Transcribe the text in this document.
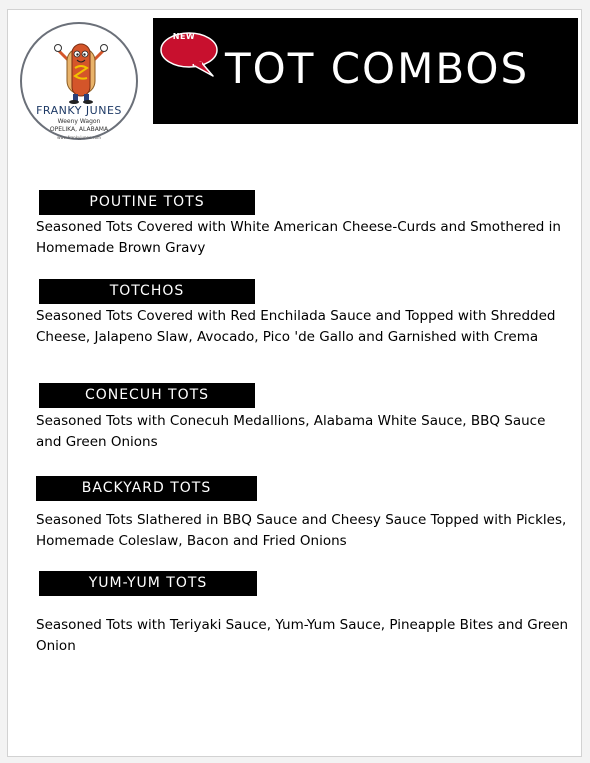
FRANKY JUNES
Weeny Wagon
OPELIKA, ALABAMA
www.frankyjunes.com
NEW
TOT COMBOS
POUTINE TOTS
Seasoned Tots Covered with White American Cheese-Curds and Smothered in Homemade Brown Gravy
TOTCHOS
Seasoned Tots Covered with Red Enchilada Sauce and Topped with Shredded Cheese, Jalapeno Slaw, Avocado, Pico 'de Gallo and Garnished with Crema
CONECUH TOTS
Seasoned Tots with Conecuh Medallions, Alabama White Sauce, BBQ Sauce and Green Onions
BACKYARD TOTS
Seasoned Tots Slathered in BBQ Sauce and Cheesy Sauce Topped with Pickles, Homemade Coleslaw, Bacon and Fried Onions
YUM-YUM TOTS
Seasoned Tots with Teriyaki Sauce, Yum-Yum Sauce, Pineapple Bites and Green Onion
